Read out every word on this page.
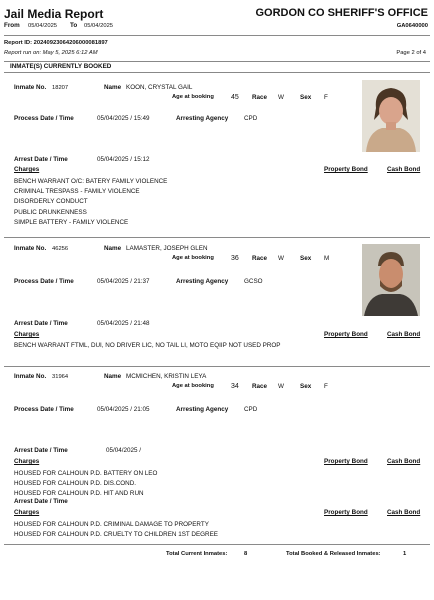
Jail Media Report	GORDON CO SHERIFF'S OFFICE
From 05/04/2025 To 05/04/2025	GA0640000
Report ID: 20240923064206000081897
Report run on: May 5, 2025 6:12 AM	Page 2 of 4
INMATE(S) CURRENTLY BOOKED
Inmate No. 18207	Name KOON, CRYSTAL GAIL
Age at booking 45 Race W	Sex F
Process Date / Time	05/04/2025 / 15:49	Arresting Agency CPD
Arrest Date / Time	05/04/2025 / 15:12
Charges	Property Bond	Cash Bond
BENCH WARRANT O/C: BATERY FAMILY VIOLENCE
CRIMINAL TRESPASS - FAMILY VIOLENCE
DISORDERLY CONDUCT
PUBLIC DRUNKENNESS
SIMPLE BATTERY - FAMILY VIOLENCE
Inmate No. 46256	Name LAMASTER, JOSEPH GLEN
Age at booking 36 Race W	Sex M
Process Date / Time	05/04/2025 / 21:37	Arresting Agency GCSO
Arrest Date / Time	05/04/2025 / 21:48
Charges	Property Bond	Cash Bond
BENCH WARRANT FTML, DUI, NO DRIVER LIC, NO TAIL LI, MOTO EQIIP NOT USED PROP
Inmate No. 31964	Name MCMICHEN, KRISTIN LEYA
Age at booking 34 Race W	Sex F
Process Date / Time	05/04/2025 / 21:05	Arresting Agency CPD
Arrest Date / Time	05/04/2025 /
Charges	Property Bond	Cash Bond
HOUSED FOR CALHOUN P.D. BATTERY ON LEO
HOUSED FOR CALHOUN P.D. DIS.COND.
HOUSED FOR CALHOUN P.D. HIT AND RUN
Arrest Date / Time
Charges	Property Bond	Cash Bond
HOUSED FOR CALHOUN P.D. CRIMINAL DAMAGE TO PROPERTY
HOUSED FOR CALHOUN P.D. CRUELTY TO CHILDREN 1ST DEGREE
Total Current Inmates:	8	Total Booked & Released Inmates:	1
